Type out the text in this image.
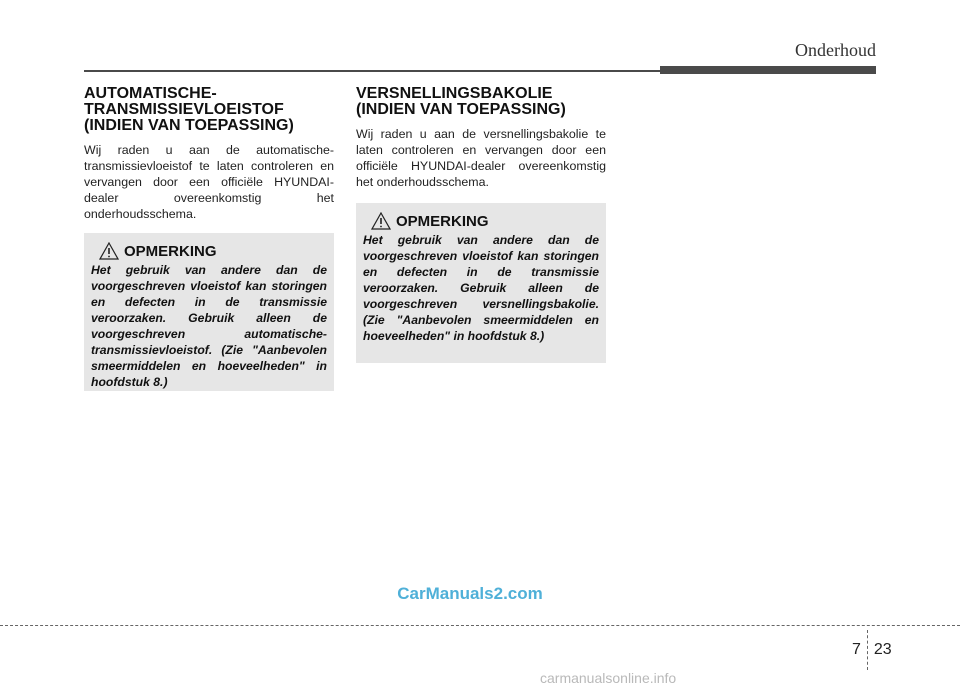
Onderhoud
AUTOMATISCHE-
TRANSMISSIEVLOEISTOF
(INDIEN VAN TOEPASSING)

Wij raden u aan de automatische-transmissievloeistof te laten controleren en vervangen door een officiële HYUNDAI-dealer overeenkomstig het onderhoudsschema.

OPMERKING

Het gebruik van andere dan de voorgeschreven vloeistof kan storingen en defecten in de transmissie veroorzaken. Gebruik alleen de voorgeschreven automatische-transmissievloeistof. (Zie "Aanbevolen smeermiddelen en hoeveelheden" in hoofdstuk 8.)

VERSNELLINGSBAKOLIE
(INDIEN VAN TOEPASSING)

Wij raden u aan de versnellingsbakolie te laten controleren en vervangen door een officiële HYUNDAI-dealer overeenkomstig het onderhoudsschema.

OPMERKING

Het gebruik van andere dan de voorgeschreven vloeistof kan storingen en defecten in de transmissie veroorzaken. Gebruik alleen de voorgeschreven versnellingsbakolie. (Zie "Aanbevolen smeermiddelen en hoeveelheden" in hoofdstuk 8.)

CarManuals2.com
7 23
carmanualsonline.info
